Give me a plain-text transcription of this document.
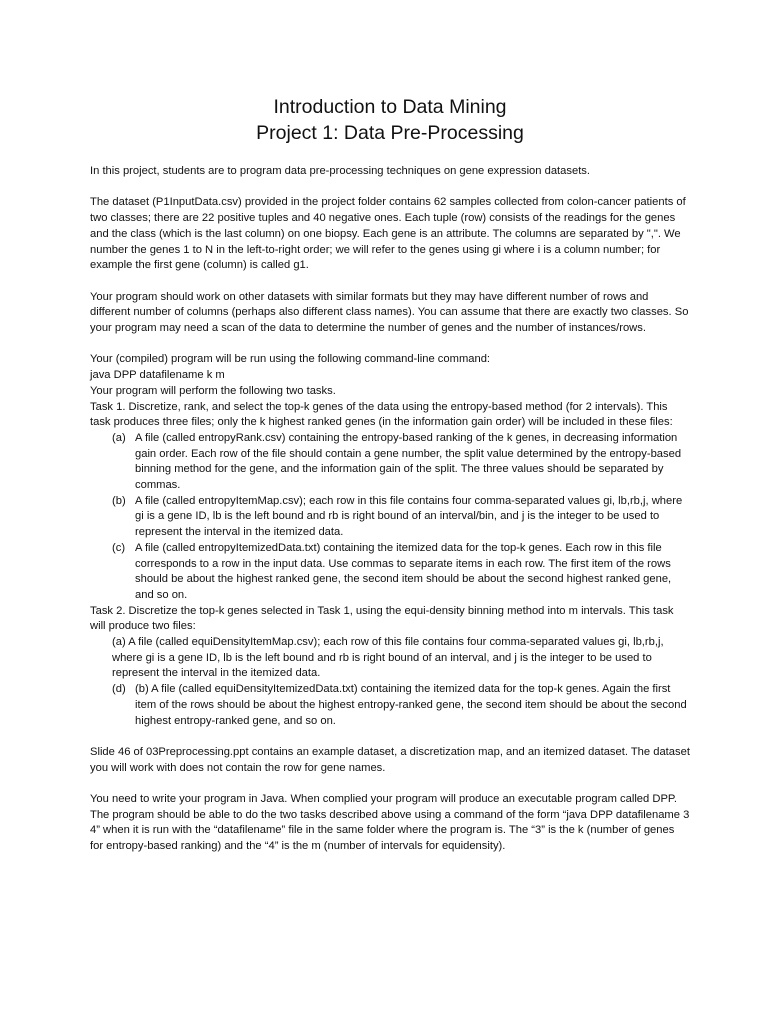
Introduction to Data Mining
Project 1: Data Pre-Processing

In this project, students are to program data pre-processing techniques on gene expression datasets.

The dataset (P1InputData.csv) provided in the project folder contains 62 samples collected from colon-cancer patients of two classes; there are 22 positive tuples and 40 negative ones. Each tuple (row) consists of the readings for the genes and the class (which is the last column) on one biopsy. Each gene is an attribute. The columns are separated by ",". We number the genes 1 to N in the left-to-right order; we will refer to the genes using gi where i is a column number; for example the first gene (column) is called g1.

Your program should work on other datasets with similar formats but they may have different number of rows and different number of columns (perhaps also different class names). You can assume that there are exactly two classes. So your program may need a scan of the data to determine the number of genes and the number of instances/rows.

Your (compiled) program will be run using the following command-line command:

java DPP datafilename k m

Your program will perform the following two tasks.

Task 1. Discretize, rank, and select the top-k genes of the data using the entropy-based method (for 2 intervals). This task produces three files; only the k highest ranked genes (in the information gain order) will be included in these files:

(a) A file (called entropyRank.csv) containing the entropy-based ranking of the k genes, in decreasing information gain order. Each row of the file should contain a gene number, the split value determined by the entropy-based binning method for the gene, and the information gain of the split. The three values should be separated by commas.

(b) A file (called entropyItemMap.csv); each row in this file contains four comma-separated values gi, lb,rb,j, where gi is a gene ID, lb is the left bound and rb is right bound of an interval/bin, and j is the integer to be used to represent the interval in the itemized data.

(c) A file (called entropyItemizedData.txt) containing the itemized data for the top-k genes. Each row in this file corresponds to a row in the input data. Use commas to separate items in each row. The first item of the rows should be about the highest ranked gene, the second item should be about the second highest ranked gene, and so on.

Task 2. Discretize the top-k genes selected in Task 1, using the equi-density binning method into m intervals. This task will produce two files:

(a) A file (called equiDensityItemMap.csv); each row of this file contains four comma-separated values gi, lb,rb,j, where gi is a gene ID, lb is the left bound and rb is right bound of an interval, and j is the integer to be used to represent the interval in the itemized data.
(d) (b) A file (called equiDensityItemizedData.txt) containing the itemized data for the top-k genes. Again the first item of the rows should be about the highest entropy-ranked gene, the second item should be about the second highest entropy-ranked gene, and so on.

Slide 46 of 03Preprocessing.ppt contains an example dataset, a discretization map, and an itemized dataset. The dataset you will work with does not contain the row for gene names.

You need to write your program in Java. When complied your program will produce an executable program called DPP. The program should be able to do the two tasks described above using a command of the form “java DPP datafilename 3 4” when it is run with the “datafilename” file in the same folder where the program is. The “3” is the k (number of genes for entropy-based ranking) and the “4” is the m (number of intervals for equidensity).
